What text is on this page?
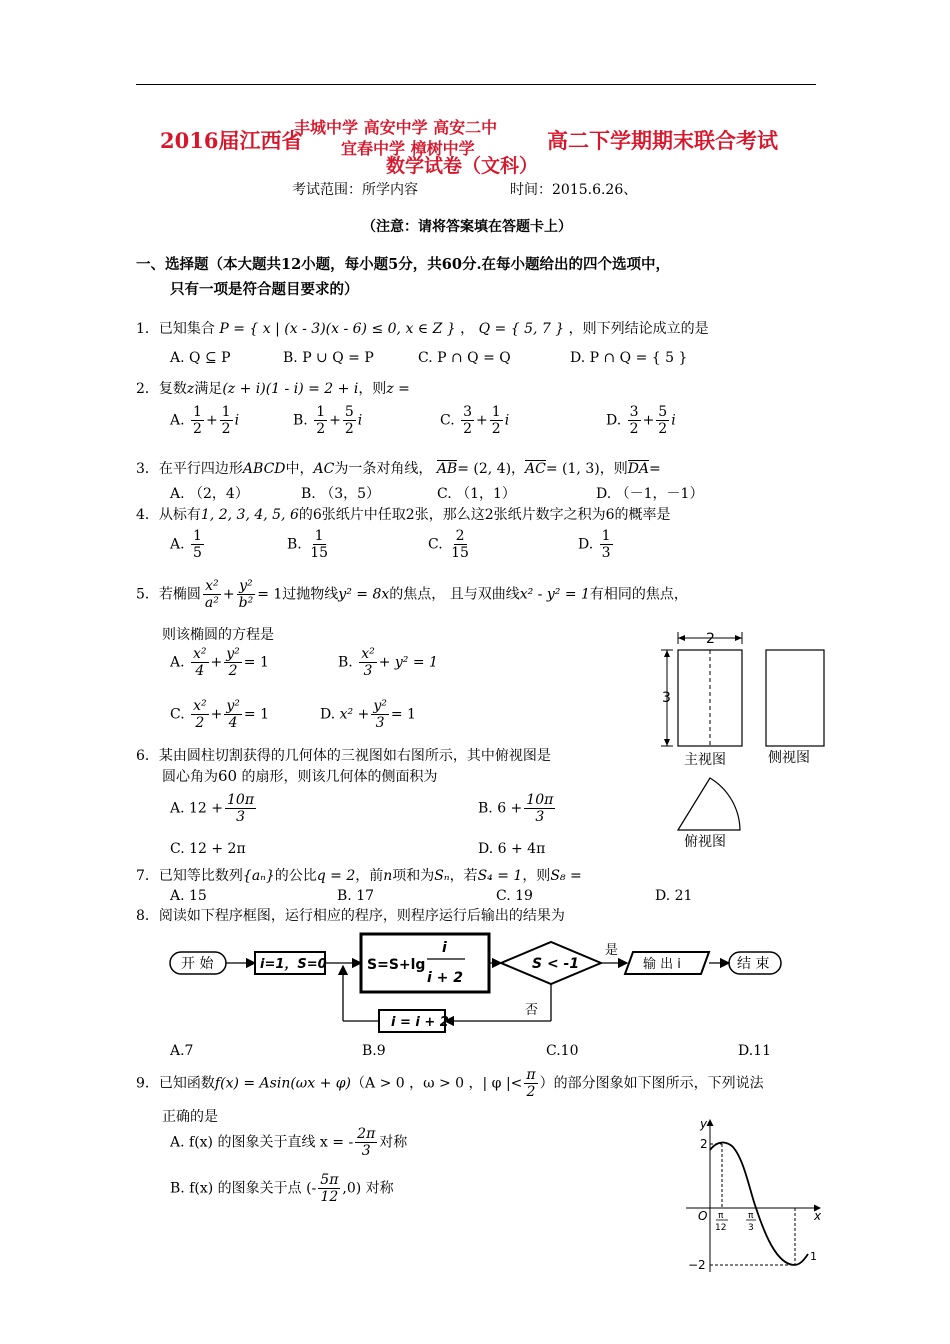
2016届江西省
丰城中学 高安中学 高安二中
宜春中学 樟树中学	高二下学期期末联合考试
数学试卷（文科）
考试范围：所学内容	时间：2015.6.26、
（注意：请将答案填在答题卡上）
一、选择题（本大题共12小题，每小题5分，共60分.在每小题给出的四个选项中，
只有一项是符合题目要求的）
1．已知集合 P = { x | (x - 3)(x - 6) ≤ 0, x ∈ Z } ， Q = { 5, 7 } ，则下列结论成立的是
A. Q ⊆ P	B. P ∪ Q = P	C. P ∩ Q = Q	D. P ∩ Q = { 5 }
2．复数z满足(z + i)(1 - i) = 2 + i，则z =
A. $\frac{1}{2} + \frac{1}{2}$ i	B. $\frac{1}{2} + \frac{5}{2}$ i	C. $\frac{3}{2} + \frac{1}{2}$ i	D. $\frac{3}{2} + \frac{5}{2}$ i
3．在平行四边形ABCD中，AC为一条对角线， AB= (2, 4)，AC= (1, 3)，则DA=
A. （2，4）	B. （3，5）	C. （1，1）	D. （－1，－1）
4．从标有1, 2, 3, 4, 5, 6的6张纸片中任取2张，那么这2张纸片数字之积为6的概率是
A. $\frac{1}{5}$	B. $\frac{1}{15}$	C. $\frac{2}{15}$	D. $\frac{1}{3}$
5．若椭圆 $\frac{\text{x²}}{\text{a²}} + \frac{\text{y²}}{\text{b²}} = 1$过抛物线y² = 8x的焦点， 且与双曲线x² - y² = 1有相同的焦点，
则该椭圆的方程是
A. $\frac{\text{x²}}{4} + \frac{\text{y²}}{2} = 1$	B. $\frac{\text{x²}}{3} + y^2 = 1$
C. $\frac{\text{x²}}{2} + \frac{\text{y²}}{4} = 1$	D. $x^2 + \frac{\text{y²}}{3} = 1$
2
3
主视图	侧视图
俯视图
6．某由圆柱切割获得的几何体的三视图如右图所示，其中俯视图是
圆心角为60 的扇形，则该几何体的侧面积为
A. $12 + \frac{10\pi}{3}$	B. $6 + \frac{10\pi}{3}$
C. 12 + 2π	D. 6 + 4π
7．已知等比数列{aₙ}的公比q = 2，前n项和为Sₙ，若S₄ = 1，则S₈ =
A. 15	B. 17	C. 19	D. 21
8．阅读如下程序框图，运行相应的程序，则程序运行后输出的结果为
开 始	i=1，S=0	S=S+lg
i
i + 2
S < -1
是
输 出 i	结 束
否
i = i + 2
A.7	B.9	C.10	D.11
9．已知函数f(x) = Asin(ωx + φ)（A > 0 ，ω > 0 ，| φ |< $\frac{\pi}{2}$ ）的部分图象如下图所示，下列说法
正确的是
A. f(x) 的图象关于直线 x = - $\frac{2\pi}{3}$ 对称
B. f(x) 的图象关于点 (- $\frac{5\pi}{12} ,0$) 对称
y
x
O
2
−2
π
12
π
3
1
